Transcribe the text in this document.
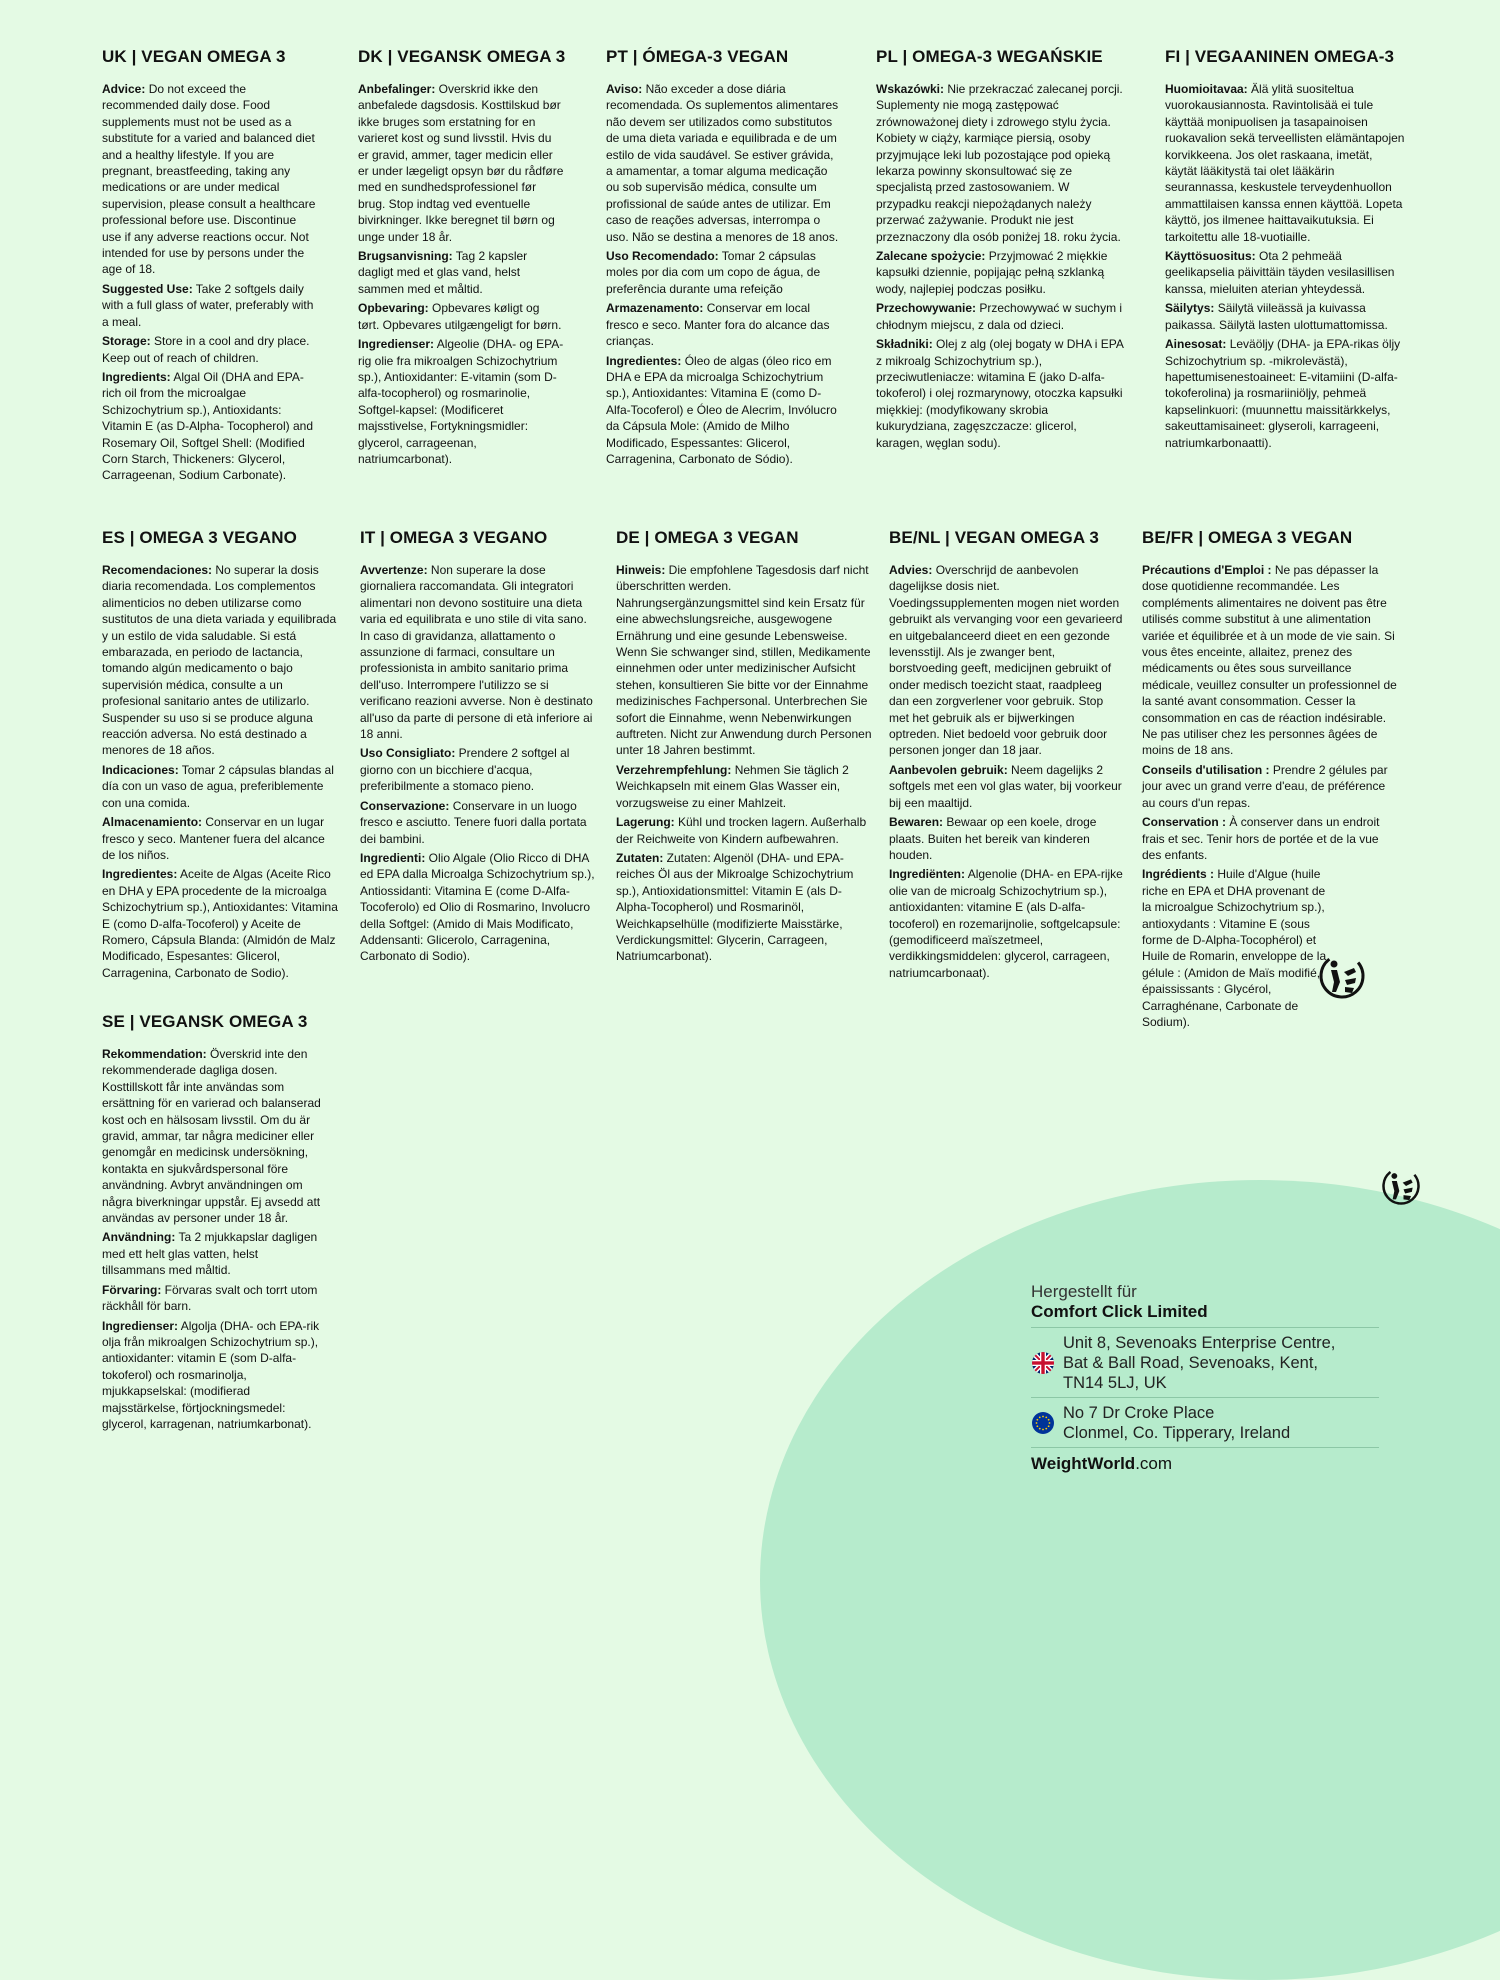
UK | VEGAN OMEGA 3

Advice: Do not exceed the recommended daily dose. Food supplements must not be used as a substitute for a varied and balanced diet and a healthy lifestyle. If you are pregnant, breastfeeding, taking any medications or are under medical supervision, please consult a healthcare professional before use. Discontinue use if any adverse reactions occur. Not intended for use by persons under the age of 18.

Suggested Use: Take 2 softgels daily with a full glass of water, preferably with a meal.

Storage: Store in a cool and dry place. Keep out of reach of children.

Ingredients: Algal Oil (DHA and EPA-rich oil from the microalgae Schizochytrium sp.), Antioxidants: Vitamin E (as D-Alpha- Tocopherol) and Rosemary Oil, Softgel Shell: (Modified Corn Starch, Thickeners: Glycerol, Carrageenan, Sodium Carbonate).

DK | VEGANSK OMEGA 3

Anbefalinger: Overskrid ikke den anbefalede dagsdosis. Kosttilskud bør ikke bruges som erstatning for en varieret kost og sund livsstil. Hvis du er gravid, ammer, tager medicin eller er under lægeligt opsyn bør du rådføre med en sundhedsprofessionel før brug. Stop indtag ved eventuelle bivirkninger. Ikke beregnet til børn og unge under 18 år.

Brugsanvisning: Tag 2 kapsler dagligt med et glas vand, helst sammen med et måltid.

Opbevaring: Opbevares køligt og tørt. Opbevares utilgængeligt for børn.

Ingredienser: Algeolie (DHA- og EPA-rig olie fra mikroalgen Schizochytrium sp.), Antioxidanter: E-vitamin (som D-alfa-tocopherol) og rosmarinolie, Softgel-kapsel: (Modificeret majsstivelse, Fortykningsmidler: glycerol, carrageenan, natriumcarbonat).

PT | ÓMEGA-3 VEGAN

Aviso: Não exceder a dose diária recomendada. Os suplementos alimentares não devem ser utilizados como substitutos de uma dieta variada e equilibrada e de um estilo de vida saudável. Se estiver grávida, a amamentar, a tomar alguma medicação ou sob supervisão médica, consulte um profissional de saúde antes de utilizar. Em caso de reações adversas, interrompa o uso. Não se destina a menores de 18 anos.

Uso Recomendado: Tomar 2 cápsulas moles por dia com um copo de água, de preferência durante uma refeição

Armazenamento: Conservar em local fresco e seco. Manter fora do alcance das crianças.

Ingredientes: Óleo de algas (óleo rico em DHA e EPA da microalga Schizochytrium sp.), Antioxidantes: Vitamina E (como D-Alfa-Tocoferol) e Óleo de Alecrim, Invólucro da Cápsula Mole: (Amido de Milho Modificado, Espessantes: Glicerol, Carragenina, Carbonato de Sódio).

PL | OMEGA-3 WEGAŃSKIE

Wskazówki: Nie przekraczać zalecanej porcji. Suplementy nie mogą zastępować zrównoważonej diety i zdrowego stylu życia. Kobiety w ciąży, karmiące piersią, osoby przyjmujące leki lub pozostające pod opieką lekarza powinny skonsultować się ze specjalistą przed zastosowaniem. W przypadku reakcji niepożądanych należy przerwać zażywanie. Produkt nie jest przeznaczony dla osób poniżej 18. roku życia.

Zalecane spożycie: Przyjmować 2 miękkie kapsułki dziennie, popijając pełną szklanką wody, najlepiej podczas posiłku.

Przechowywanie: Przechowywać w suchym i chłodnym miejscu, z dala od dzieci.

Składniki: Olej z alg (olej bogaty w DHA i EPA z mikroalg Schizochytrium sp.), przeciwutleniacze: witamina E (jako D-alfa-tokoferol) i olej rozmarynowy, otoczka kapsułki miękkiej: (modyfikowany skrobia kukurydziana, zagęszczacze: glicerol, karagen, węglan sodu).

FI | VEGAANINEN OMEGA-3

Huomioitavaa: Älä ylitä suositeltua vuorokausiannosta. Ravintolisää ei tule käyttää monipuolisen ja tasapainoisen ruokavalion sekä terveellisten elämäntapojen korvikkeena. Jos olet raskaana, imetät, käytät lääkitystä tai olet lääkärin seurannassa, keskustele terveydenhuollon ammattilaisen kanssa ennen käyttöä. Lopeta käyttö, jos ilmenee haittavaikutuksia. Ei tarkoitettu alle 18-vuotiaille.

Käyttösuositus: Ota 2 pehmeää geelikapselia päivittäin täyden vesilasillisen kanssa, mieluiten aterian yhteydessä.

Säilytys: Säilytä viileässä ja kuivassa paikassa. Säilytä lasten ulottumattomissa.

Ainesosat: Leväöljy (DHA- ja EPA-rikas öljy Schizochytrium sp. -mikrolevästä), hapettumisenestoaineet: E-vitamiini (D-alfa-tokoferolina) ja rosmariiniöljy, pehmeä kapselinkuori: (muunnettu maissitärkkelys, sakeuttamisaineet: glyseroli, karrageeni, natriumkarbonaatti).

ES | OMEGA 3 VEGANO

Recomendaciones: No superar la dosis diaria recomendada. Los complementos alimenticios no deben utilizarse como sustitutos de una dieta variada y equilibrada y un estilo de vida saludable. Si está embarazada, en periodo de lactancia, tomando algún medicamento o bajo supervisión médica, consulte a un profesional sanitario antes de utilizarlo. Suspender su uso si se produce alguna reacción adversa. No está destinado a menores de 18 años.

Indicaciones: Tomar 2 cápsulas blandas al día con un vaso de agua, preferiblemente con una comida.

Almacenamiento: Conservar en un lugar fresco y seco. Mantener fuera del alcance de los niños.

Ingredientes: Aceite de Algas (Aceite Rico en DHA y EPA procedente de la microalga Schizochytrium sp.), Antioxidantes: Vitamina E (como D-alfa-Tocoferol) y Aceite de Romero, Cápsula Blanda: (Almidón de Malz Modificado, Espesantes: Glicerol, Carragenina, Carbonato de Sodio).

IT | OMEGA 3 VEGANO

Avvertenze: Non superare la dose giornaliera raccomandata. Gli integratori alimentari non devono sostituire una dieta varia ed equilibrata e uno stile di vita sano. In caso di gravidanza, allattamento o assunzione di farmaci, consultare un professionista in ambito sanitario prima dell'uso. Interrompere l'utilizzo se si verificano reazioni avverse. Non è destinato all'uso da parte di persone di età inferiore ai 18 anni.

Uso Consigliato: Prendere 2 softgel al giorno con un bicchiere d'acqua, preferibilmente a stomaco pieno.

Conservazione: Conservare in un luogo fresco e asciutto. Tenere fuori dalla portata dei bambini.

Ingredienti: Olio Algale (Olio Ricco di DHA ed EPA dalla Microalga Schizochytrium sp.), Antiossidanti: Vitamina E (come D-Alfa-Tocoferolo) ed Olio di Rosmarino, Involucro della Softgel: (Amido di Mais Modificato, Addensanti: Glicerolo, Carragenina, Carbonato di Sodio).

DE | OMEGA 3 VEGAN

Hinweis: Die empfohlene Tagesdosis darf nicht überschritten werden. Nahrungsergänzungsmittel sind kein Ersatz für eine abwechslungsreiche, ausgewogene Ernährung und eine gesunde Lebensweise. Wenn Sie schwanger sind, stillen, Medikamente einnehmen oder unter medizinischer Aufsicht stehen, konsultieren Sie bitte vor der Einnahme medizinisches Fachpersonal. Unterbrechen Sie sofort die Einnahme, wenn Nebenwirkungen auftreten. Nicht zur Anwendung durch Personen unter 18 Jahren bestimmt.

Verzehrempfehlung: Nehmen Sie täglich 2 Weichkapseln mit einem Glas Wasser ein, vorzugsweise zu einer Mahlzeit.

Lagerung: Kühl und trocken lagern. Außerhalb der Reichweite von Kindern aufbewahren.

Zutaten: Zutaten: Algenöl (DHA- und EPA-reiches Öl aus der Mikroalge Schizochytrium sp.), Antioxidationsmittel: Vitamin E (als D-Alpha-Tocopherol) und Rosmarinöl, Weichkapselhülle (modifizierte Maisstärke, Verdickungsmittel: Glycerin, Carrageen, Natriumcarbonat).

BE/NL | VEGAN OMEGA 3

Advies: Overschrijd de aanbevolen dagelijkse dosis niet. Voedingssupplementen mogen niet worden gebruikt als vervanging voor een gevarieerd en uitgebalanceerd dieet en een gezonde levensstijl. Als je zwanger bent, borstvoeding geeft, medicijnen gebruikt of onder medisch toezicht staat, raadpleeg dan een zorgverlener voor gebruik. Stop met het gebruik als er bijwerkingen optreden. Niet bedoeld voor gebruik door personen jonger dan 18 jaar.

Aanbevolen gebruik: Neem dagelijks 2 softgels met een vol glas water, bij voorkeur bij een maaltijd.

Bewaren: Bewaar op een koele, droge plaats. Buiten het bereik van kinderen houden.

Ingrediënten: Algenolie (DHA- en EPA-rijke olie van de microalg Schizochytrium sp.), antioxidanten: vitamine E (als D-alfa-tocoferol) en rozemarijnolie, softgelcapsule: (gemodificeerd maïszetmeel, verdikkingsmiddelen: glycerol, carrageen, natriumcarbonaat).

BE/FR | OMEGA 3 VEGAN

Précautions d'Emploi : Ne pas dépasser la dose quotidienne recommandée. Les compléments alimentaires ne doivent pas être utilisés comme substitut à une alimentation variée et équilibrée et à un mode de vie sain. Si vous êtes enceinte, allaitez, prenez des médicaments ou êtes sous surveillance médicale, veuillez consulter un professionnel de la santé avant consommation. Cesser la consommation en cas de réaction indésirable. Ne pas utiliser chez les personnes âgées de moins de 18 ans.

Conseils d'utilisation : Prendre 2 gélules par jour avec un grand verre d'eau, de préférence au cours d'un repas.

Conservation : À conserver dans un endroit frais et sec. Tenir hors de portée et de la vue des enfants.

Ingrédients : Huile d'Algue (huile riche en EPA et DHA provenant de la microalgue Schizochytrium sp.), antioxydants : Vitamine E (sous forme de D-Alpha-Tocophérol) et Huile de Romarin, enveloppe de la gélule : (Amidon de Maïs modifié, épaississants : Glycérol, Carraghénane, Carbonate de Sodium).

SE | VEGANSK OMEGA 3

Rekommendation: Överskrid inte den rekommenderade dagliga dosen. Kosttillskott får inte användas som ersättning för en varierad och balanserad kost och en hälsosam livsstil. Om du är gravid, ammar, tar några mediciner eller genomgår en medicinsk undersökning, kontakta en sjukvårdspersonal före användning. Avbryt användningen om några biverkningar uppstår. Ej avsedd att användas av personer under 18 år.

Användning: Ta 2 mjukkapslar dagligen med ett helt glas vatten, helst tillsammans med måltid.

Förvaring: Förvaras svalt och torrt utom räckhåll för barn.

Ingredienser: Algolja (DHA- och EPA-rik olja från mikroalgen Schizochytrium sp.), antioxidanter: vitamin E (som D-alfa-tokoferol) och rosmarinolja, mjukkapselskal: (modifierad majsstärkelse, förtjockningsmedel: glycerol, karragenan, natriumkarbonat).

Hergestellt für
Comfort Click Limited
Unit 8, Sevenoaks Enterprise Centre,
Bat & Ball Road, Sevenoaks, Kent,
TN14 5LJ, UK
No 7 Dr Croke Place
Clonmel, Co. Tipperary, Ireland
WeightWorld.com
